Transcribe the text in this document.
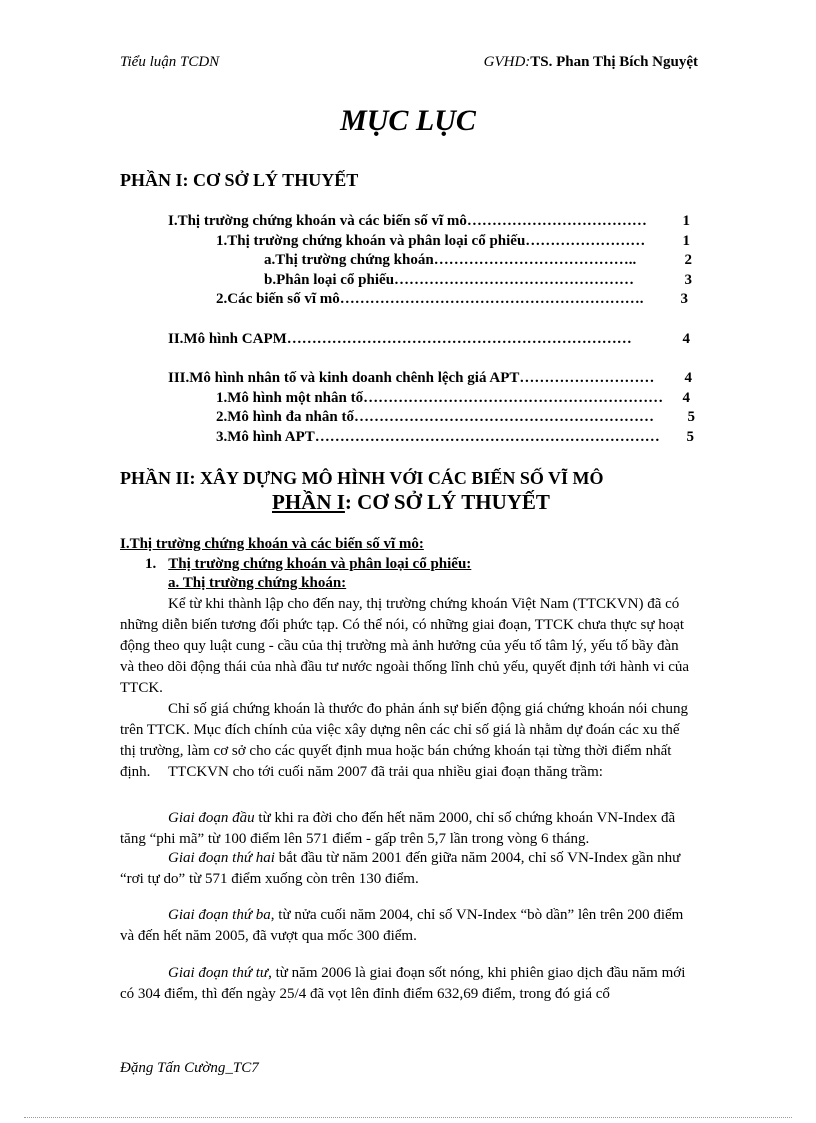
Tiểu luận TCDN	GVHD:TS. Phan Thị Bích Nguyệt
MỤC LỤC
PHẦN I: CƠ SỞ LÝ THUYẾT
I.Thị trường chứng khoán và các biến số vĩ mô……………………………… 1
1.Thị trường chứng khoán và phân loại cổ phiếu…………………… 1
a.Thị trường chứng khoán…………………………………..	2
b.Phân loại cổ phiếu…………………………………………	3
2.Các biến số vĩ mô……………………………………………………. 3
II.Mô hình CAPM……………………………………………………………	4
III.Mô hình nhân tố và kinh doanh chênh lệch giá APT……………………… 4
1.Mô hình một nhân tố…………………………………………………… 4
2.Mô hình đa nhân tố…………………………………………………… 5
3.Mô hình APT…………………………………………………………… 5
PHẦN II: XÂY DỰNG MÔ HÌNH VỚI CÁC BIẾN SỐ VĨ MÔ
PHẦN I: CƠ SỞ LÝ THUYẾT
I.Thị trường chứng khoán và các biến số vĩ mô:
1. Thị trường chứng khoán và phân loại cổ phiếu:
a. Thị trường chứng khoán:
Kể từ khi thành lập cho đến nay, thị trường chứng khoán Việt Nam (TTCKVN) đã có những diễn biến tương đối phức tạp. Có thể nói, có những giai đoạn, TTCK chưa thực sự hoạt động theo quy luật cung - cầu của thị trường mà ảnh hưởng của yếu tố tâm lý, yếu tố bầy đàn và theo dõi động thái của nhà đầu tư nước ngoài thống lĩnh chủ yếu, quyết định tới hành vi của TTCK.
Chỉ số giá chứng khoán là thước đo phản ánh sự biến động giá chứng khoán nói chung trên TTCK. Mục đích chính của việc xây dựng nên các chỉ số giá là nhằm dự đoán các xu thế thị trường, làm cơ sở cho các quyết định mua hoặc bán chứng khoán tại từng thời điểm nhất định.	TTCKVN cho tới cuối năm 2007 đã trải qua nhiều giai đoạn thăng trầm:
Giai đoạn đầu từ khi ra đời cho đến hết năm 2000, chỉ số chứng khoán VN-Index đã tăng “phi mã” từ 100 điểm lên 571 điểm - gấp trên 5,7 lần trong vòng 6 tháng.
Giai đoạn thứ hai bắt đầu từ năm 2001 đến giữa năm 2004, chỉ số VN-Index gần như “rơi tự do” từ 571 điểm xuống còn trên 130 điểm.
Giai đoạn thứ ba, từ nửa cuối năm 2004, chỉ số VN-Index “bò dần” lên trên 200 điểm và đến hết năm 2005, đã vượt qua mốc 300 điểm.
Giai đoạn thứ tư, từ năm 2006 là giai đoạn sốt nóng, khi phiên giao dịch đầu năm mới có 304 điểm, thì đến ngày 25/4 đã vọt lên đỉnh điểm 632,69 điểm, trong đó giá cổ
Đặng Tấn Cường_TC7
